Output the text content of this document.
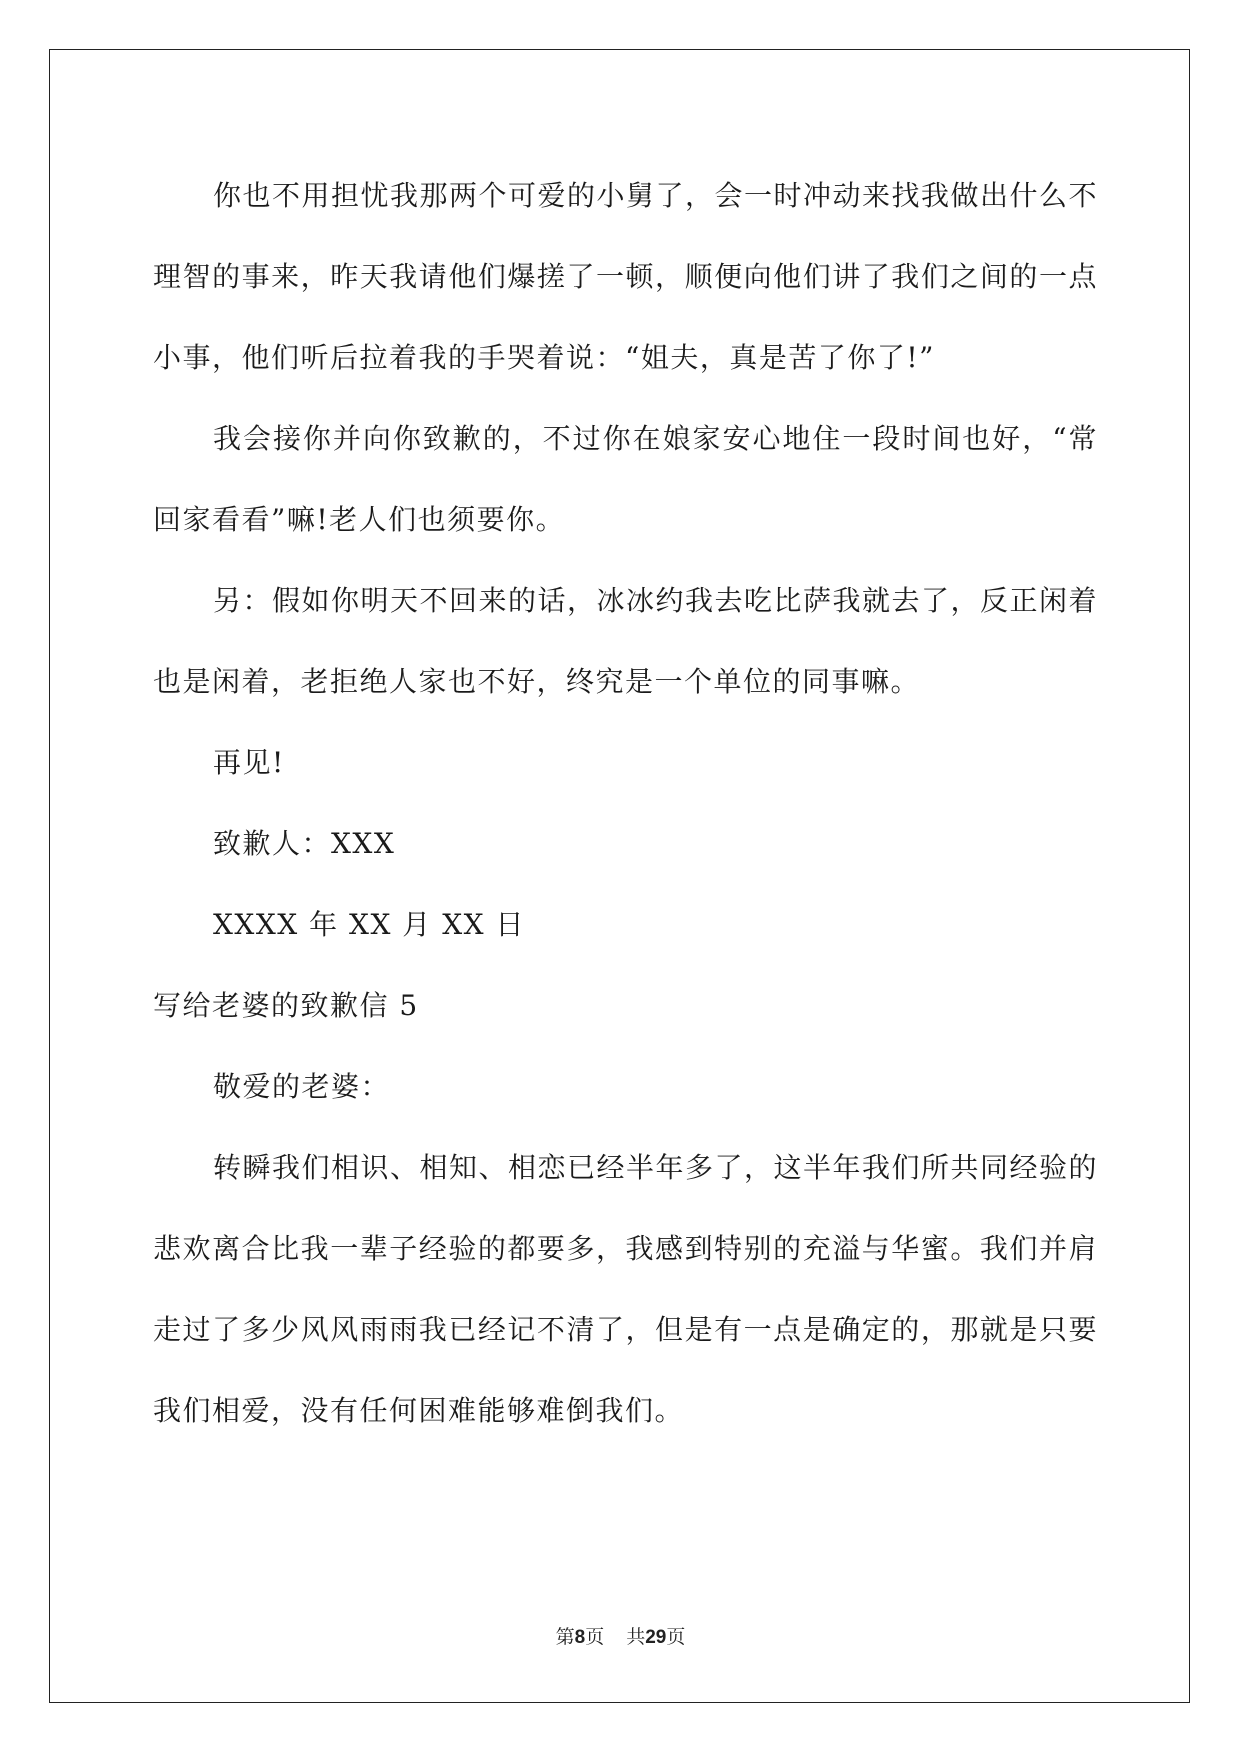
你也不用担忧我那两个可爱的小舅了，会一时冲动来找我做出什么不理智的事来，昨天我请他们爆搓了一顿，顺便向他们讲了我们之间的一点小事，他们听后拉着我的手哭着说：“姐夫，真是苦了你了!”

我会接你并向你致歉的，不过你在娘家安心地住一段时间也好，“常回家看看”嘛!老人们也须要你。

另：假如你明天不回来的话，冰冰约我去吃比萨我就去了，反正闲着也是闲着，老拒绝人家也不好，终究是一个单位的同事嘛。

再见!

致歉人：XXX

XXXX 年 XX 月 XX 日

写给老婆的致歉信 5

敬爱的老婆：

转瞬我们相识、相知、相恋已经半年多了，这半年我们所共同经验的悲欢离合比我一辈子经验的都要多，我感到特别的充溢与华蜜。我们并肩走过了多少风风雨雨我已经记不清了，但是有一点是确定的，那就是只要我们相爱，没有任何困难能够难倒我们。

第8页 共29页
